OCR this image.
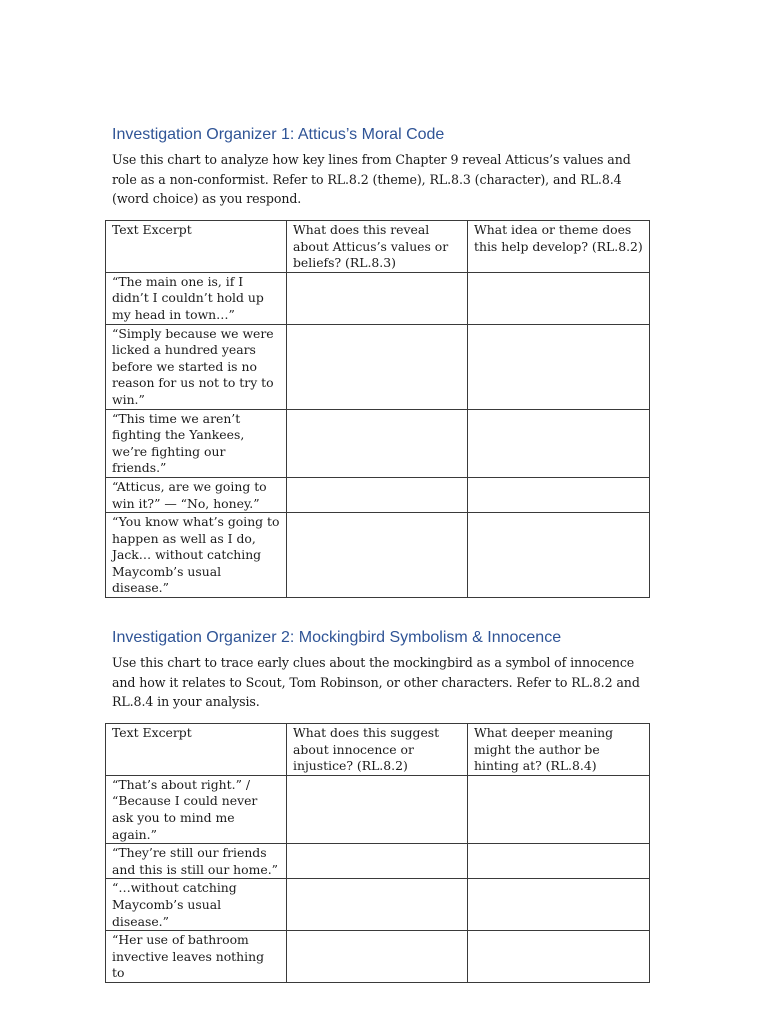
Investigation Organizer 1: Atticus’s Moral Code

Use this chart to analyze how key lines from Chapter 9 reveal Atticus’s values and role as a non-conformist. Refer to RL.8.2 (theme), RL.8.3 (character), and RL.8.4 (word choice) as you respond.

Text Excerpt	What does this reveal about Atticus’s values or beliefs? (RL.8.3)	What idea or theme does this help develop? (RL.8.2)
“The main one is, if I didn’t I couldn’t hold up my head in town…”		
“Simply because we were licked a hundred years before we started is no reason for us not to try to win.”		
“This time we aren’t fighting the Yankees, we’re fighting our friends.”		
“Atticus, are we going to win it?” — “No, honey.”		
“You know what’s going to happen as well as I do, Jack… without catching Maycomb’s usual disease.”		
Investigation Organizer 2: Mockingbird Symbolism & Innocence

Use this chart to trace early clues about the mockingbird as a symbol of innocence and how it relates to Scout, Tom Robinson, or other characters. Refer to RL.8.2 and RL.8.4 in your analysis.

Text Excerpt	What does this suggest about innocence or injustice? (RL.8.2)	What deeper meaning might the author be hinting at? (RL.8.4)
“That’s about right.” / “Because I could never ask you to mind me again.”		
“They’re still our friends and this is still our home.”		
“…without catching Maycomb’s usual disease.”		
“Her use of bathroom invective leaves nothing to		
